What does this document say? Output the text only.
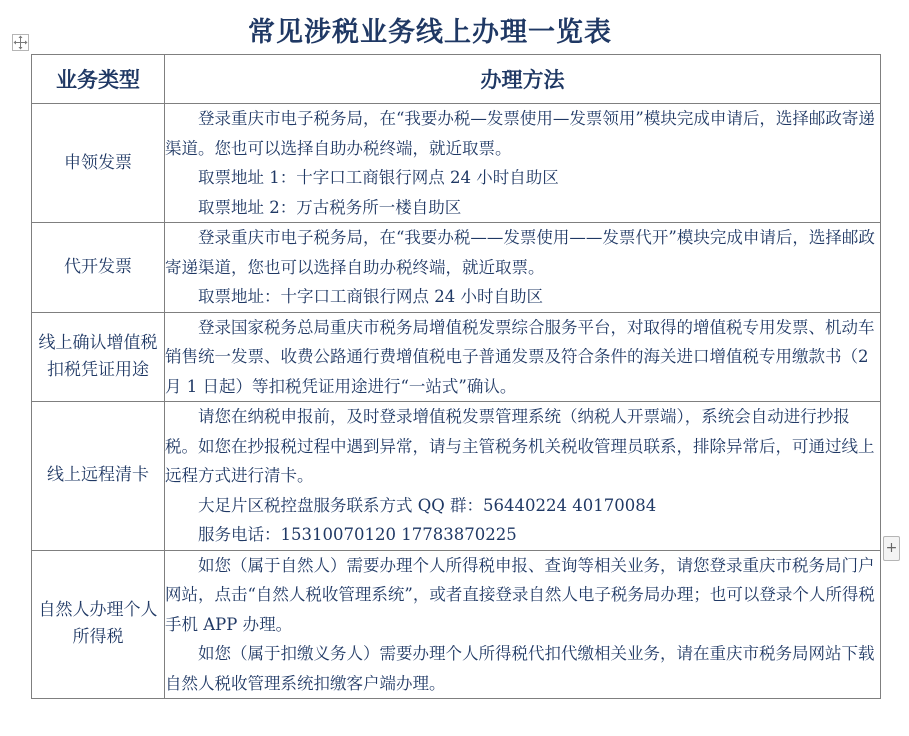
常见涉税业务线上办理一览表
业务类型	办理方法
申领发票	登录重庆市电子税务局，在“我要办税—发票使用—发票领用”模块完成申请后，选择邮政寄递渠道。您也可以选择自助办税终端，就近取票。

取票地址 1：十字口工商银行网点 24 小时自助区

取票地址 2：万古税务所一楼自助区

代开发票	登录重庆市电子税务局，在“我要办税——发票使用——发票代开”模块完成申请后，选择邮政寄递渠道，您也可以选择自助办税终端，就近取票。

取票地址：十字口工商银行网点 24 小时自助区

线上确认增值税扣税凭证用途	登录国家税务总局重庆市税务局增值税发票综合服务平台，对取得的增值税专用发票、机动车销售统一发票、收费公路通行费增值税电子普通发票及符合条件的海关进口增值税专用缴款书（2 月 1 日起）等扣税凭证用途进行“一站式”确认。

线上远程清卡	请您在纳税申报前，及时登录增值税发票管理系统（纳税人开票端），系统会自动进行抄报税。如您在抄报税过程中遇到异常，请与主管税务机关税收管理员联系，排除异常后，可通过线上远程方式进行清卡。

大足片区税控盘服务联系方式 QQ 群：56440224 40170084

服务电话：15310070120 17783870225

自然人办理个人所得税	如您（属于自然人）需要办理个人所得税申报、查询等相关业务，请您登录重庆市税务局门户网站，点击“自然人税收管理系统”，或者直接登录自然人电子税务局办理；也可以登录个人所得税手机 APP 办理。

如您（属于扣缴义务人）需要办理个人所得税代扣代缴相关业务，请在重庆市税务局网站下载自然人税收管理系统扣缴客户端办理。

+
